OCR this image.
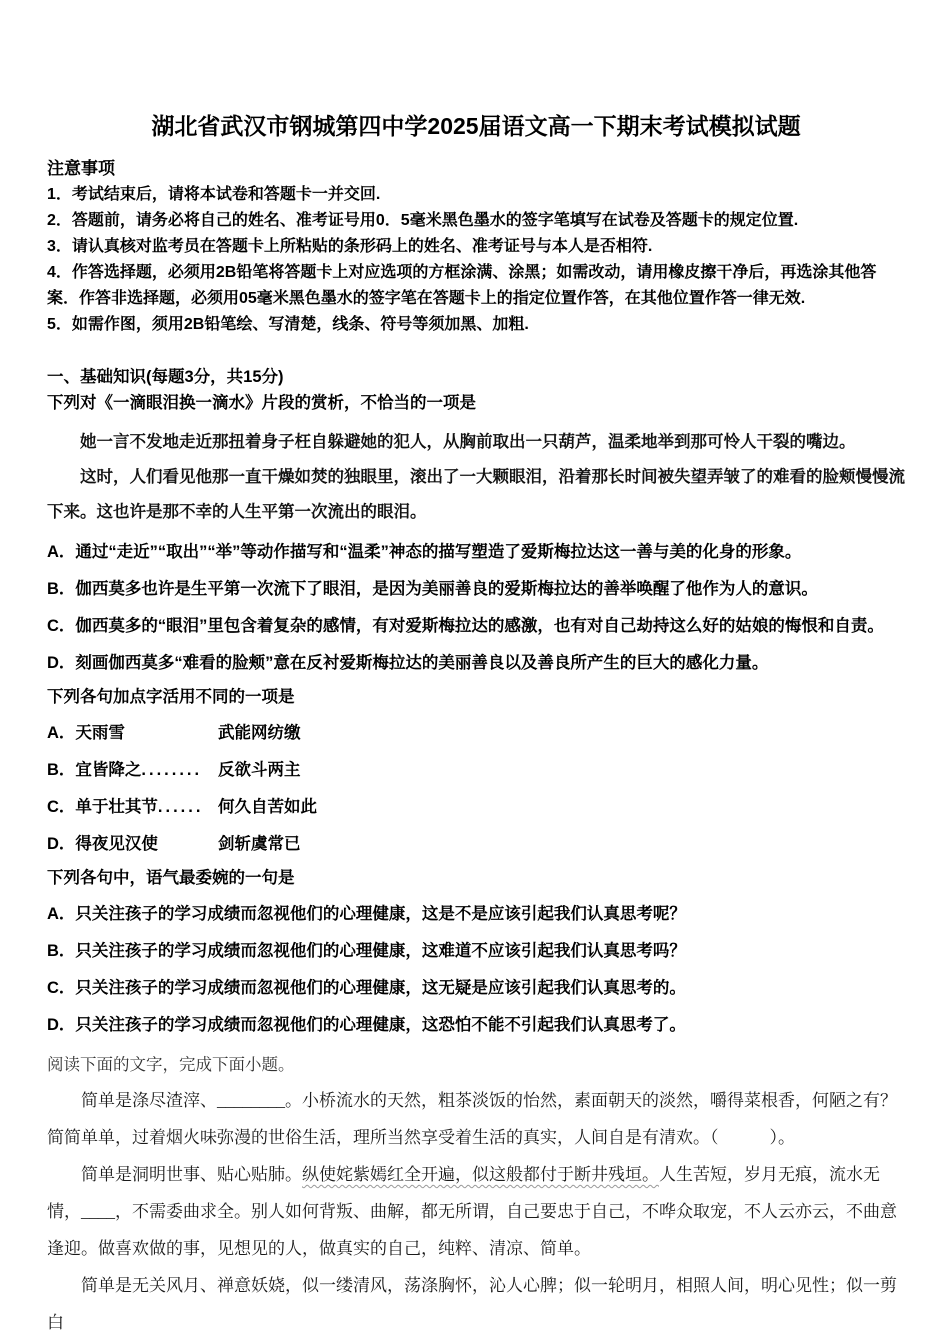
湖北省武汉市钢城第四中学2025届语文高一下期末考试模拟试题

注意事项

1．考试结束后，请将本试卷和答题卡一并交回.

2．答题前，请务必将自己的姓名、准考证号用0．5毫米黑色墨水的签字笔填写在试卷及答题卡的规定位置.

3．请认真核对监考员在答题卡上所粘贴的条形码上的姓名、准考证号与本人是否相符.

4．作答选择题，必须用2B铅笔将答题卡上对应选项的方框涂满、涂黑；如需改动，请用橡皮擦干净后，再选涂其他答案．作答非选择题，必须用05毫米黑色墨水的签字笔在答题卡上的指定位置作答，在其他位置作答一律无效.

5．如需作图，须用2B铅笔绘、写清楚，线条、符号等须加黑、加粗.

一、基础知识(每题3分，共15分)

下列对《一滴眼泪换一滴水》片段的赏析，不恰当的一项是

她一言不发地走近那扭着身子枉自躲避她的犯人，从胸前取出一只葫芦，温柔地举到那可怜人干裂的嘴边。

这时，人们看见他那一直干燥如焚的独眼里，滚出了一大颗眼泪，沿着那长时间被失望弄皱了的难看的脸颊慢慢流下来。这也许是那不幸的人生平第一次流出的眼泪。

A．通过“走近”“取出”“举”等动作描写和“温柔”神态的描写塑造了爱斯梅拉达这一善与美的化身的形象。

B．伽西莫多也许是生平第一次流下了眼泪，是因为美丽善良的爱斯梅拉达的善举唤醒了他作为人的意识。

C．伽西莫多的“眼泪”里包含着复杂的感情，有对爱斯梅拉达的感激，也有对自己劫持这么好的姑娘的悔恨和自责。

D．刻画伽西莫多“难看的脸颊”意在反衬爱斯梅拉达的美丽善良以及善良所产生的巨大的感化力量。

下列各句加点字活用不同的一项是

A．天雨雪	武能网纺缴

B．宜皆降之........ 反欲斗两主

C．单于壮其节...... 何久自苦如此

D．得夜见汉使	剑斩虞常已

下列各句中，语气最委婉的一句是

A．只关注孩子的学习成绩而忽视他们的心理健康，这是不是应该引起我们认真思考呢？

B．只关注孩子的学习成绩而忽视他们的心理健康，这难道不应该引起我们认真思考吗？

C．只关注孩子的学习成绩而忽视他们的心理健康，这无疑是应该引起我们认真思考的。

D．只关注孩子的学习成绩而忽视他们的心理健康，这恐怕不能不引起我们认真思考了。

阅读下面的文字，完成下面小题。

简单是涤尽渣滓、________。小桥流水的天然，粗茶淡饭的怡然，素面朝天的淡然，嚼得菜根香，何陋之有？简简单单，过着烟火味弥漫的世俗生活，理所当然享受着生活的真实，人间自是有清欢。（　　　）。

简单是洞明世事、贴心贴肺。纵使姹紫嫣红全开遍，似这般都付于断井残垣。人生苦短，岁月无痕，流水无情，____，不需委曲求全。别人如何背叛、曲解，都无所谓，自己要忠于自己，不哗众取宠，不人云亦云，不曲意逢迎。做喜欢做的事，见想见的人，做真实的自己，纯粹、清凉、简单。

简单是无关风月、禅意妖娆，似一缕清风，荡涤胸怀，沁人心脾；似一轮明月，相照人间，明心见性；似一剪白
